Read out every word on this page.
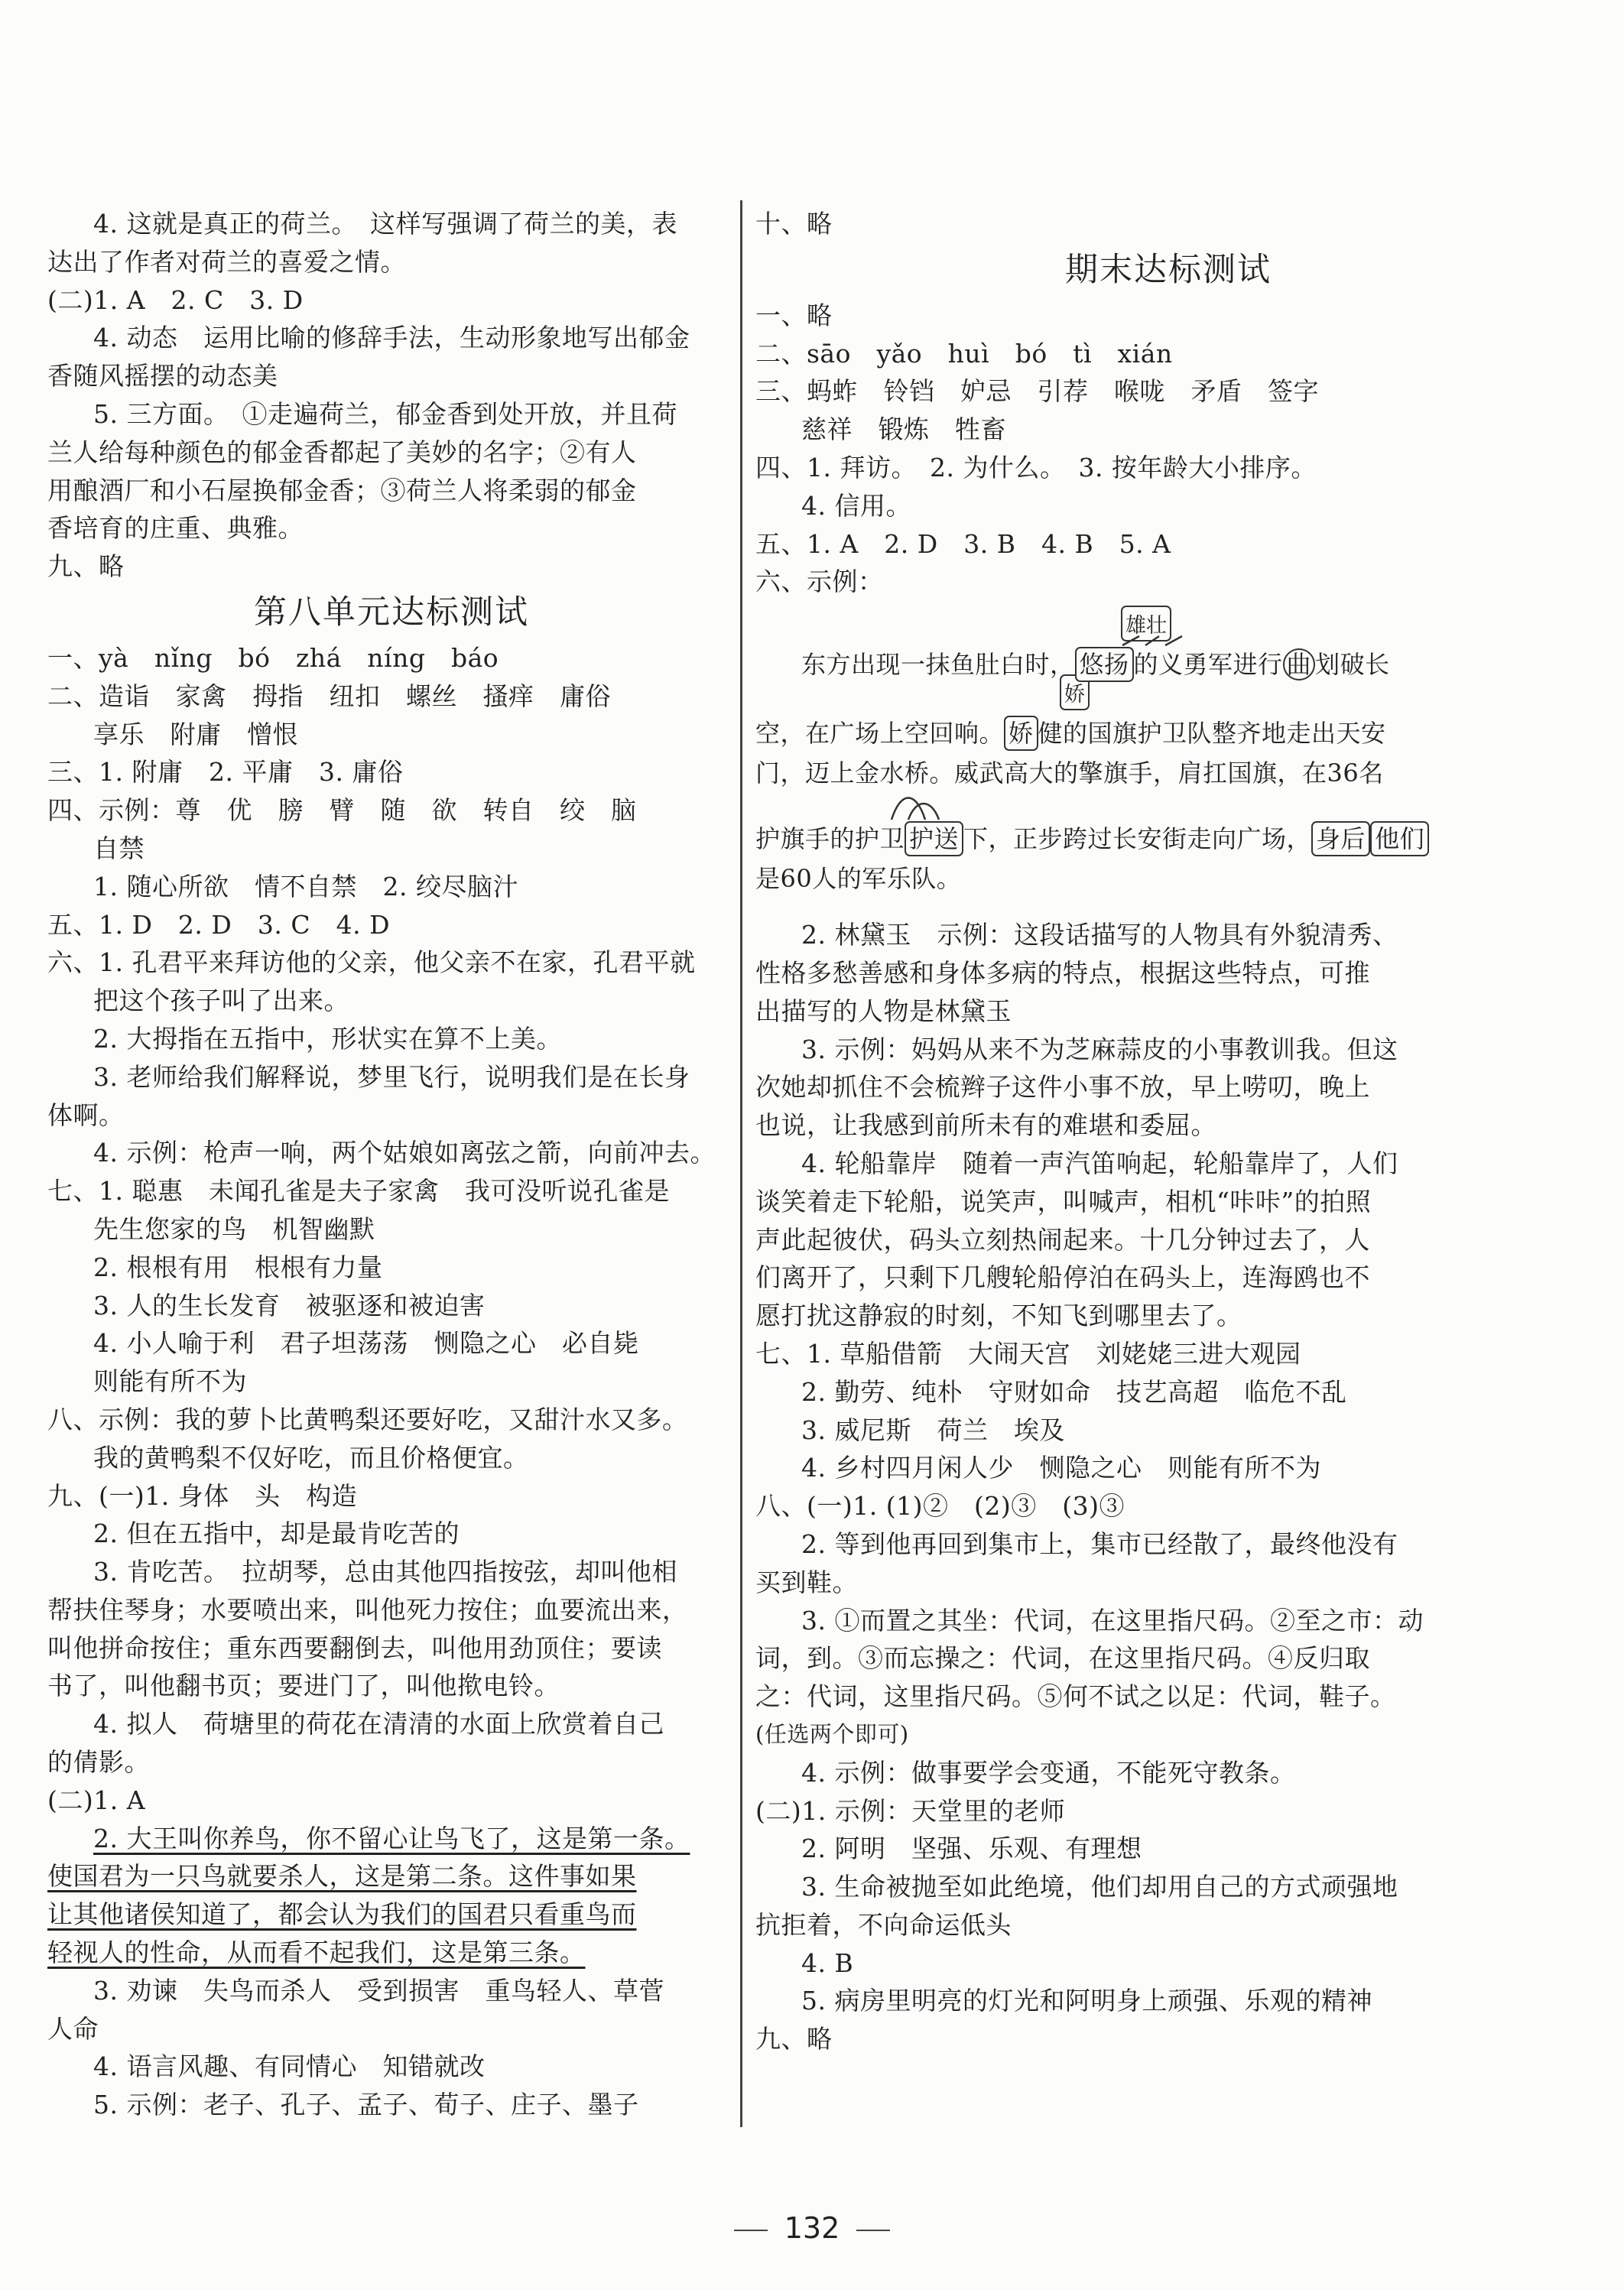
4. 这就是真正的荷兰。　这样写强调了荷兰的美，表
达出了作者对荷兰的喜爱之情。
(二)1. A　2. C　3. D
4. 动态　运用比喻的修辞手法，生动形象地写出郁金
香随风摇摆的动态美
5. 三方面。　①走遍荷兰，郁金香到处开放，并且荷
兰人给每种颜色的郁金香都起了美妙的名字；②有人
用酿酒厂和小石屋换郁金香；③荷兰人将柔弱的郁金
香培育的庄重、典雅。
九、略
第八单元达标测试
一、yà　nǐng　bó　zhá　níng　báo
二、造诣　家禽　拇指　纽扣　螺丝　搔痒　庸俗
享乐　附庸　憎恨
三、1. 附庸　2. 平庸　3. 庸俗
四、示例：尊　优　膀　臂　随　欲　转自　绞　脑
自禁
1. 随心所欲　情不自禁　2. 绞尽脑汁
五、1. D　2. D　3. C　4. D
六、1. 孔君平来拜访他的父亲，他父亲不在家，孔君平就
把这个孩子叫了出来。
2. 大拇指在五指中，形状实在算不上美。
3. 老师给我们解释说，梦里飞行，说明我们是在长身
体啊。
4. 示例：枪声一响，两个姑娘如离弦之箭，向前冲去。
七、1. 聪惠　未闻孔雀是夫子家禽　我可没听说孔雀是
先生您家的鸟　机智幽默
2. 根根有用　根根有力量
3. 人的生长发育　被驱逐和被迫害
4. 小人喻于利　君子坦荡荡　恻隐之心　必自毙
则能有所不为
八、示例：我的萝卜比黄鸭梨还要好吃，又甜汁水又多。
我的黄鸭梨不仅好吃，而且价格便宜。
九、(一)1. 身体　头　构造
2. 但在五指中，却是最肯吃苦的
3. 肯吃苦。　拉胡琴，总由其他四指按弦，却叫他相
帮扶住琴身；水要喷出来，叫他死力按住；血要流出来，
叫他拼命按住；重东西要翻倒去，叫他用劲顶住；要读
书了，叫他翻书页；要进门了，叫他揿电铃。
4. 拟人　荷塘里的荷花在清清的水面上欣赏着自己
的倩影。
(二)1. A
2. 大王叫你养鸟，你不留心让鸟飞了，这是第一条。
使国君为一只鸟就要杀人，这是第二条。这件事如果
让其他诸侯知道了，都会认为我们的国君只看重鸟而
轻视人的性命，从而看不起我们，这是第三条。
3. 劝谏　失鸟而杀人　受到损害　重鸟轻人、草菅
人命
4. 语言风趣、有同情心　知错就改
5. 示例：老子、孔子、孟子、荀子、庄子、墨子
十、略
期末达标测试
一、略
二、sāo　yǎo　huì　bó　tì　xián
三、蚂蚱　铃铛　妒忌　引荐　喉咙　矛盾　签字
慈祥　锻炼　牲畜
四、1. 拜访。　2. 为什么。　3. 按年龄大小排序。
4. 信用。
五、1. A　2. D　3. B　4. B　5. A
六、示例：
雄壮
娇
东方出现一抹鱼肚白时， 悠扬 的义勇军进行 曲 划破长
空，在广场上空回响。 娇 健的国旗护卫队整齐地走出天安
门，迈上金水桥。威武高大的擎旗手，肩扛国旗，在36名
护旗手的护卫 护送 下，正步跨过长安街走向广场， 身后 他们
是60人的军乐队。
2. 林黛玉　示例：这段话描写的人物具有外貌清秀、
性格多愁善感和身体多病的特点，根据这些特点，可推
出描写的人物是林黛玉
3. 示例：妈妈从来不为芝麻蒜皮的小事教训我。但这
次她却抓住不会梳辫子这件小事不放，早上唠叨，晚上
也说，让我感到前所未有的难堪和委屈。
4. 轮船靠岸　随着一声汽笛响起，轮船靠岸了，人们
谈笑着走下轮船，说笑声，叫喊声，相机“咔咔”的拍照
声此起彼伏，码头立刻热闹起来。十几分钟过去了，人
们离开了，只剩下几艘轮船停泊在码头上，连海鸥也不
愿打扰这静寂的时刻，不知飞到哪里去了。
七、1. 草船借箭　大闹天宫　刘姥姥三进大观园
2. 勤劳、纯朴　守财如命　技艺高超　临危不乱
3. 威尼斯　荷兰　埃及
4. 乡村四月闲人少　恻隐之心　则能有所不为
八、(一)1. (1)②　(2)③　(3)③
2. 等到他再回到集市上，集市已经散了，最终他没有
买到鞋。
3. ①而置之其坐：代词，在这里指尺码。②至之市：动
词，到。③而忘操之：代词，在这里指尺码。④反归取
之：代词，这里指尺码。⑤何不试之以足：代词，鞋子。
(任选两个即可)
4. 示例：做事要学会变通，不能死守教条。
(二)1. 示例：天堂里的老师
2. 阿明　坚强、乐观、有理想
3. 生命被抛至如此绝境，他们却用自己的方式顽强地
抗拒着，不向命运低头
4. B
5. 病房里明亮的灯光和阿明身上顽强、乐观的精神
九、略
132
